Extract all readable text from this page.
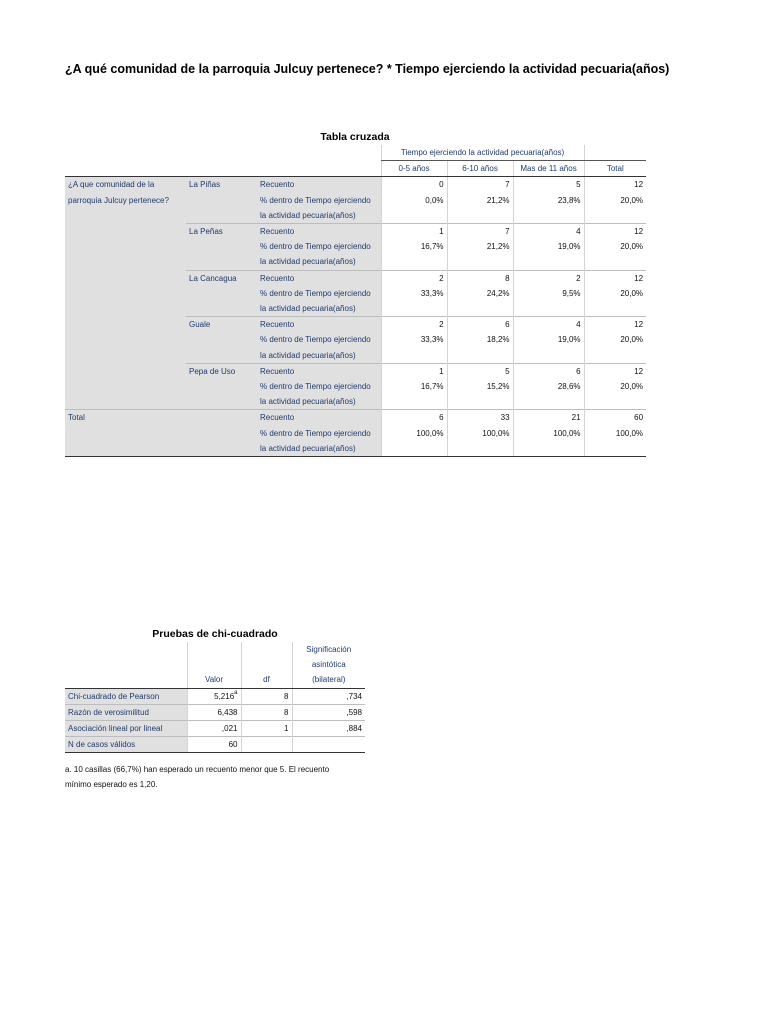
¿A qué comunidad de la parroquia Julcuy pertenece? * Tiempo ejerciendo la actividad pecuaria(años)
Tabla cruzada
			Tiempo ejerciendo la actividad pecuaria(años)			
			0-5 años	6-10 años	Mas de 11 años	Total

¿A que comunidad de la
parroquia Julcuy pertenece?	La Piñas	Recuento	0	7	5	12
		% dentro de Tiempo ejerciendo	0,0%	21,2%	23,8%	20,0%
		la actividad pecuaria(años)				
	La Peñas	Recuento	1	7	4	12
		% dentro de Tiempo ejerciendo	16,7%	21,2%	19,0%	20,0%
		la actividad pecuaria(años)				
	La Cancagua	Recuento	2	8	2	12
		% dentro de Tiempo ejerciendo	33,3%	24,2%	9,5%	20,0%
		la actividad pecuaria(años)				
	Guale	Recuento	2	6	4	12
		% dentro de Tiempo ejerciendo	33,3%	18,2%	19,0%	20,0%
		la actividad pecuaria(años)				
	Pepa de Uso	Recuento	1	5	6	12
		% dentro de Tiempo ejerciendo	16,7%	15,2%	28,6%	20,0%
		la actividad pecuaria(años)				
Total		Recuento	6	33	21	60
		% dentro de Tiempo ejerciendo	100,0%	100,0%	100,0%	100,0%
		la actividad pecuaria(años)				
Pruebas de chi-cuadrado
			Significación
			asintótica
	Valor	df	(bilateral)
Chi-cuadrado de Pearson	5,216$^a$	8	,734
Razón de verosimilitud	6,438	8	,598
Asociación lineal por lineal	,021	1	,884
N de casos válidos	60		
a. 10 casillas (66,7%) han esperado un recuento menor que 5. El recuento mínimo esperado es 1,20.
